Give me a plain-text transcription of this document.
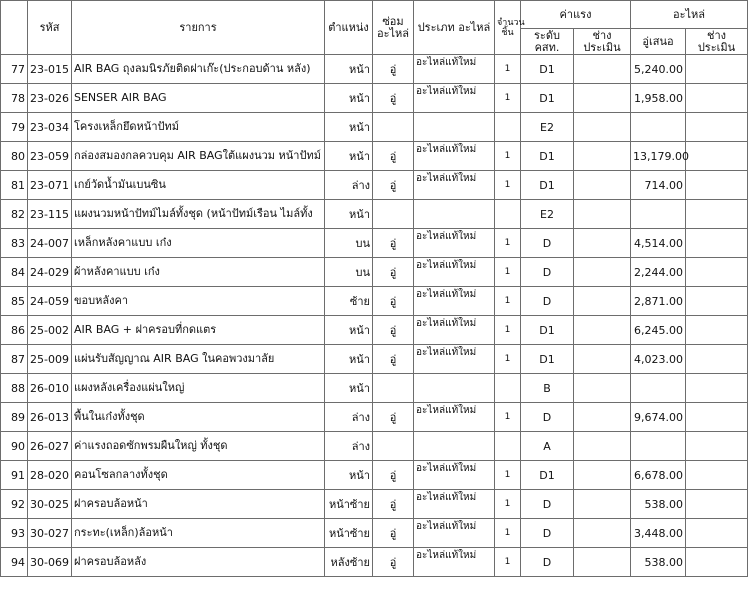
	รหัส	รายการ	ตำแหน่ง	ซ่อม อะไหล่	ประเภท อะไหล่	จำนวน ชิ้น	ค่าแรง		อะไหล่	
							ระดับ คสท.	ช่าง ประเมิน	อู่เสนอ	ช่าง ประเมิน
77	23-015	AIR BAG ถุงลมนิรภัยติดฝาเก๊ะ(ประกอบด้าน หลัง)	หน้า	อู่	อะไหล่แท้ใหม่	1	D1		5,240.00	
78	23-026	SENSER AIR BAG	หน้า	อู่	อะไหล่แท้ใหม่	1	D1		1,958.00	
79	23-034	โครงเหล็กยึดหน้าปัทม์	หน้า				E2			
80	23-059	กล่องสมองกลควบคุม AIR BAGใต้แผงนวม หน้าปัทม์	หน้า	อู่	อะไหล่แท้ใหม่	1	D1		13,179.00	
81	23-071	เกย์วัดน้ำมันเบนซิน	ล่าง	อู่	อะไหล่แท้ใหม่	1	D1		714.00	
82	23-115	แผงนวมหน้าปัทม์ไมล์ทั้งชุด (หน้าปัทม์เรือน ไมล์ทั้ง	หน้า				E2			
83	24-007	เหล็กหลังคาแบบ เก๋ง	บน	อู่	อะไหล่แท้ใหม่	1	D		4,514.00	
84	24-029	ผ้าหลังคาแบบ เก๋ง	บน	อู่	อะไหล่แท้ใหม่	1	D		2,244.00	
85	24-059	ขอบหลังคา	ซ้าย	อู่	อะไหล่แท้ใหม่	1	D		2,871.00	
86	25-002	AIR BAG + ฝาครอบที่กดแตร	หน้า	อู่	อะไหล่แท้ใหม่	1	D1		6,245.00	
87	25-009	แผ่นรับสัญญาณ AIR BAG ในคอพวงมาลัย	หน้า	อู่	อะไหล่แท้ใหม่	1	D1		4,023.00	
88	26-010	แผงหลังเครื่องแผ่นใหญ่	หน้า				B			
89	26-013	พื้นในเก๋งทั้งชุด	ล่าง	อู่	อะไหล่แท้ใหม่	1	D		9,674.00	
90	26-027	ค่าแรงถอดซักพรมผืนใหญ่ ทั้งชุด	ล่าง				A			
91	28-020	คอนโซลกลางทั้งชุด	หน้า	อู่	อะไหล่แท้ใหม่	1	D1		6,678.00	
92	30-025	ฝาครอบล้อหน้า	หน้าซ้าย	อู่	อะไหล่แท้ใหม่	1	D		538.00	
93	30-027	กระทะ(เหล็ก)ล้อหน้า	หน้าซ้าย	อู่	อะไหล่แท้ใหม่	1	D		3,448.00	
94	30-069	ฝาครอบล้อหลัง	หลังซ้าย	อู่	อะไหล่แท้ใหม่	1	D		538.00	
